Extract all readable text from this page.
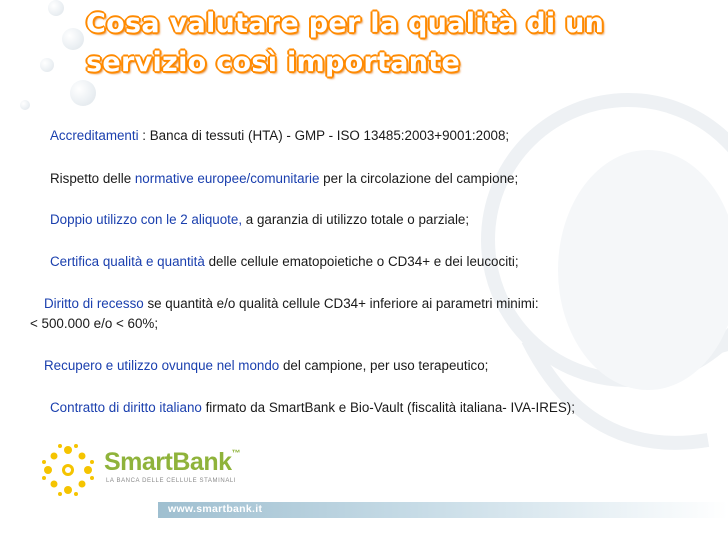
Cosa valutare per la qualità di un
servizio così importante
Accreditamenti : Banca di tessuti (HTA) - GMP - ISO 13485:2003+9001:2008;
Rispetto delle normative europee/comunitarie per la circolazione del campione;
Doppio utilizzo con le 2 aliquote, a garanzia di utilizzo totale o parziale;
Certifica qualità e quantità delle cellule ematopoietiche o CD34+ e dei leucociti;
Diritto di recesso se quantità e/o qualità cellule CD34+ inferiore ai parametri minimi:
< 500.000 e/o < 60%;
Recupero e utilizzo ovunque nel mondo del campione, per uso terapeutico;
Contratto di diritto italiano firmato da SmartBank e Bio-Vault (fiscalità italiana- IVA-IRES);
SmartBank™
LA BANCA DELLE CELLULE STAMINALI
www.smartbank.it
